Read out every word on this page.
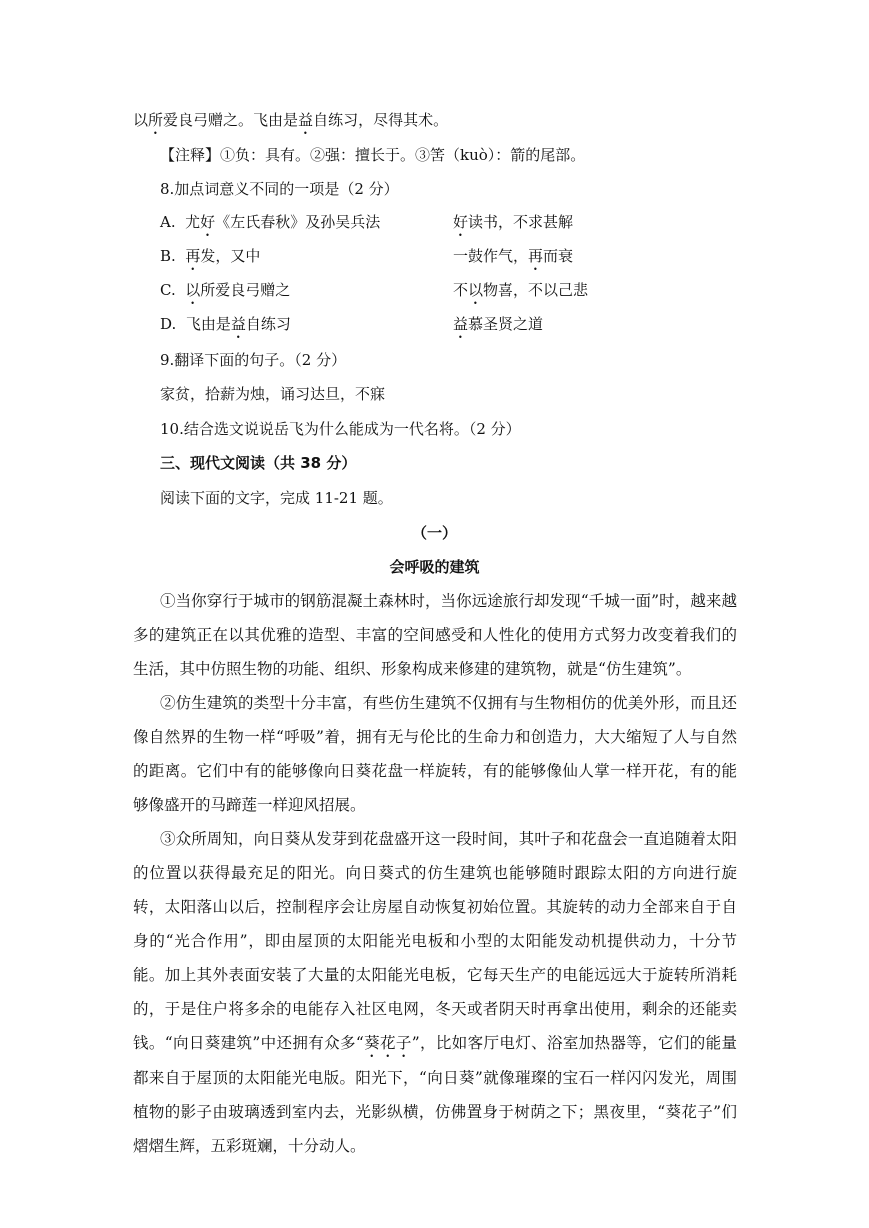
以所爱良弓赠之。飞由是益自练习，尽得其术。
【注释】①负：具有。②强：擅长于。③筈（kuò）：箭的尾部。
8.加点词意义不同的一项是（2 分）
A. 尤好《左氏春秋》及孙吴兵法	好读书，不求甚解
B. 再发，又中	一鼓作气，再而衰
C. 以所爱良弓赠之	不以物喜，不以己悲
D. 飞由是益自练习	益慕圣贤之道
9.翻译下面的句子。（2 分）
家贫，拾薪为烛，诵习达旦，不寐
10.结合选文说说岳飞为什么能成为一代名将。（2 分）
三、现代文阅读（共 38 分）
阅读下面的文字，完成 11-21 题。
（一）
会呼吸的建筑

①当你穿行于城市的钢筋混凝土森林时，当你远途旅行却发现“千城一面”时，越来越多的建筑正在以其优雅的造型、丰富的空间感受和人性化的使用方式努力改变着我们的生活，其中仿照生物的功能、组织、形象构成来修建的建筑物，就是“仿生建筑”。

②仿生建筑的类型十分丰富，有些仿生建筑不仅拥有与生物相仿的优美外形，而且还像自然界的生物一样“呼吸”着，拥有无与伦比的生命力和创造力，大大缩短了人与自然的距离。它们中有的能够像向日葵花盘一样旋转，有的能够像仙人掌一样开花，有的能够像盛开的马蹄莲一样迎风招展。

③众所周知，向日葵从发芽到花盘盛开这一段时间，其叶子和花盘会一直追随着太阳的位置以获得最充足的阳光。向日葵式的仿生建筑也能够随时跟踪太阳的方向进行旋转，太阳落山以后，控制程序会让房屋自动恢复初始位置。其旋转的动力全部来自于自身的“光合作用”，即由屋顶的太阳能光电板和小型的太阳能发动机提供动力，十分节能。加上其外表面安装了大量的太阳能光电板，它每天生产的电能远远大于旋转所消耗的，于是住户将多余的电能存入社区电网，冬天或者阴天时再拿出使用，剩余的还能卖钱。“向日葵建筑”中还拥有众多“葵花子”，比如客厅电灯、浴室加热器等，它们的能量都来自于屋顶的太阳能光电版。阳光下，“向日葵”就像璀璨的宝石一样闪闪发光，周围植物的影子由玻璃透到室内去，光影纵横，仿佛置身于树荫之下；黑夜里，“葵花子”们熠熠生辉，五彩斑斓，十分动人。
